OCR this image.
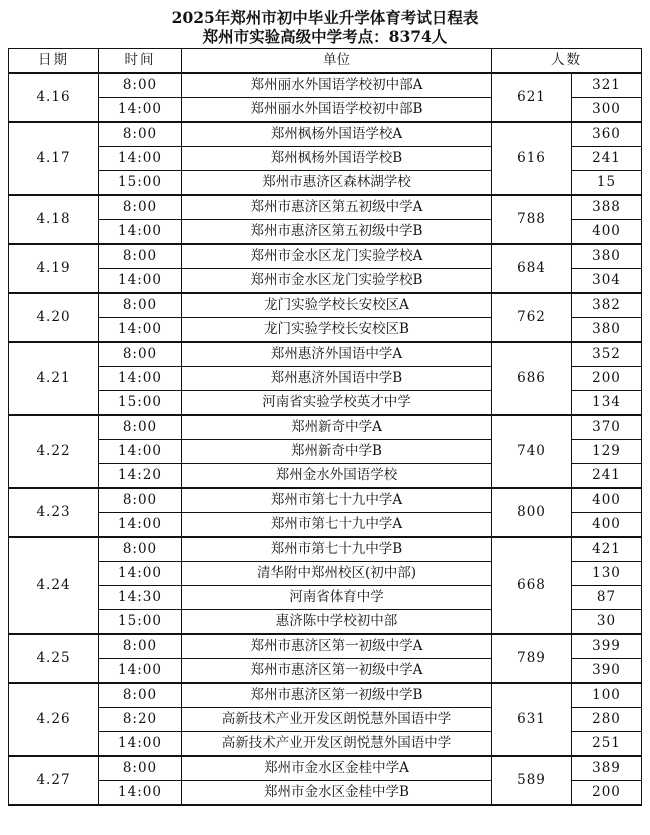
2025年郑州市初中毕业升学体育考试日程表
郑州市实验高级中学考点：8374人
日期	时间	单位	人数	
4.16	8:00	郑州丽水外国语学校初中部A	621	321
	14:00	郑州丽水外国语学校初中部B		300
4.17	8:00	郑州枫杨外国语学校A	616	360
	14:00	郑州枫杨外国语学校B		241
	15:00	郑州市惠济区森林湖学校		15
4.18	8:00	郑州市惠济区第五初级中学A	788	388
	14:00	郑州市惠济区第五初级中学B		400
4.19	8:00	郑州市金水区龙门实验学校A	684	380
	14:00	郑州市金水区龙门实验学校B		304
4.20	8:00	龙门实验学校长安校区A	762	382
	14:00	龙门实验学校长安校区B		380
4.21	8:00	郑州惠济外国语中学A	686	352
	14:00	郑州惠济外国语中学B		200
	15:00	河南省实验学校英才中学		134
4.22	8:00	郑州新奇中学A	740	370
	14:00	郑州新奇中学B		129
	14:20	郑州金水外国语学校		241
4.23	8:00	郑州市第七十九中学A	800	400
	14:00	郑州市第七十九中学A		400
4.24	8:00	郑州市第七十九中学B	668	421
	14:00	清华附中郑州校区(初中部)		130
	14:30	河南省体育中学		87
	15:00	惠济陈中学校初中部		30
4.25	8:00	郑州市惠济区第一初级中学A	789	399
	14:00	郑州市惠济区第一初级中学A		390
4.26	8:00	郑州市惠济区第一初级中学B	631	100
	8:20	高新技术产业开发区朗悦慧外国语中学		280
	14:00	高新技术产业开发区朗悦慧外国语中学		251
4.27	8:00	郑州市金水区金桂中学A	589	389
	14:00	郑州市金水区金桂中学B		200
